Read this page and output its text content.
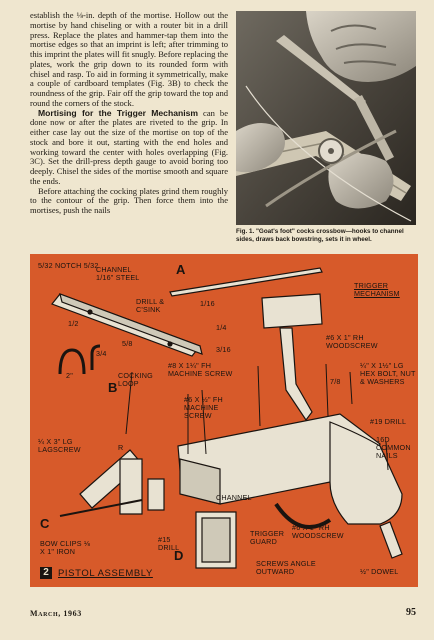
establish the ⅛-in. depth of the mortise. Hollow out the mortise by hand chiseling or with a router bit in a drill press. Replace the plates and hammer-tap them into the mortise edges so that an imprint is left; after trimming to this imprint the plates will fit snugly. Before replacing the plates, work the grip down to its rounded form with chisel and rasp. To aid in forming it symmetrically, make a couple of cardboard templates (Fig. 3B) to check the roundness of the grip. Fair off the grip toward the top and round the corners of the stock.

Mortising for the Trigger Mechanism can be done now or after the plates are riveted to the grip. In either case lay out the size of the mortise on top of the stock and bore it out, starting with the end holes and working toward the center with holes overlapping (Fig. 3C). Set the drill-press depth gauge to avoid boring too deeply. Chisel the sides of the mortise smooth and square the ends.

Before attaching the cocking plates grind them roughly to the contour of the grip. Then force them into the mortises, push the nails

Fig. 1. "Goat's foot" cocks crossbow—hooks to channel sides, draws back bowstring, sets it in wheel.
5/32 NOTCH 5/32
CHANNEL 1/16" STEEL
A
DRILL & C'SINK
1/16
1/4
1/2
5/8
3/16
3/4
2"	COCKING LOOP
B
TRIGGER MECHANISM
#6 X 1" RH WOODSCREW
#8 X 1¼" FH MACHINE SCREW
#6 X ½" FH MACHINE SCREW
¼" X 1½" LG HEX BOLT, NUT & WASHERS
7/8
#19 DRILL
16D COMMON NAILS
¼ X 3" LG LAGSCREW	R
CHANNEL
C
BOW CLIPS ⅛ X 1" IRON
#15 DRILL
D
TRIGGER GUARD
#6 X 1" RH WOODSCREW
SCREWS ANGLE OUTWARD	½" DOWEL
2 PISTOL ASSEMBLY
March, 1963	95
